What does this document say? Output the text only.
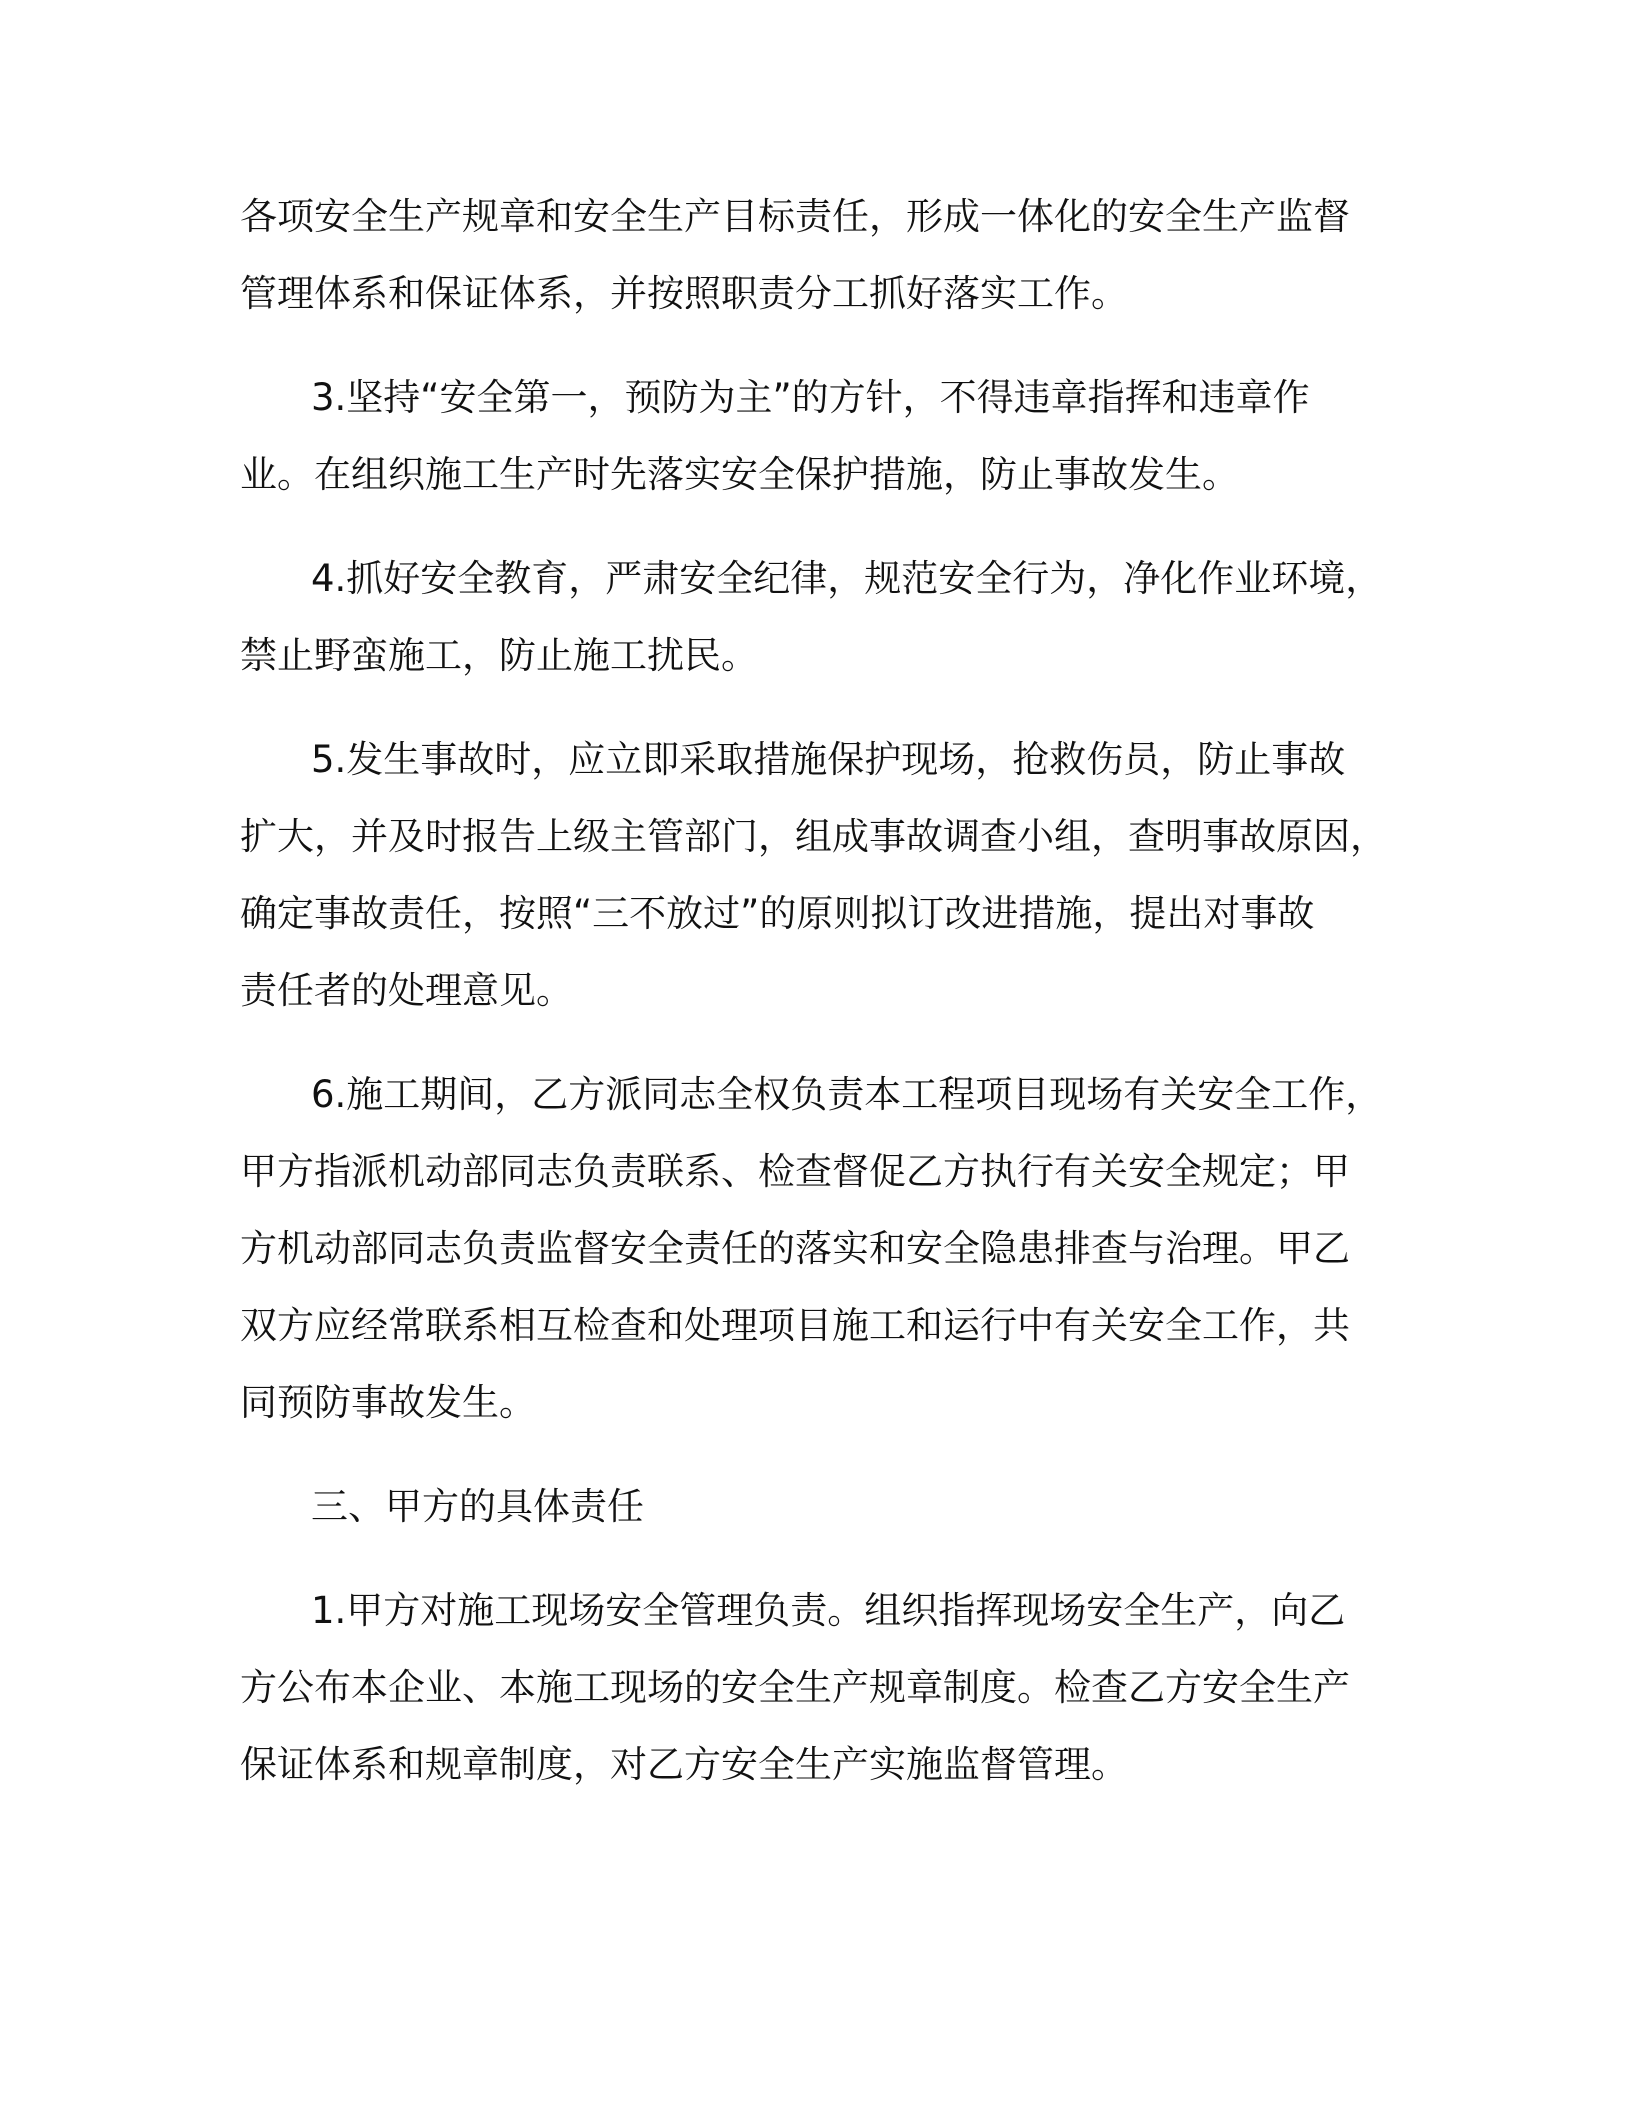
各项安全生产规章和安全生产目标责任，形成一体化的安全生产监督
管理体系和保证体系，并按照职责分工抓好落实工作。
3.坚持“安全第一，预防为主”的方针，不得违章指挥和违章作
业。在组织施工生产时先落实安全保护措施，防止事故发生。
4.抓好安全教育，严肃安全纪律，规范安全行为，净化作业环境，
禁止野蛮施工，防止施工扰民。
5.发生事故时，应立即采取措施保护现场，抢救伤员，防止事故
扩大，并及时报告上级主管部门，组成事故调查小组，查明事故原因，
确定事故责任，按照“三不放过”的原则拟订改进措施，提出对事故
责任者的处理意见。
6.施工期间，乙方派同志全权负责本工程项目现场有关安全工作，
甲方指派机动部同志负责联系、检查督促乙方执行有关安全规定；甲
方机动部同志负责监督安全责任的落实和安全隐患排查与治理。甲乙
双方应经常联系相互检查和处理项目施工和运行中有关安全工作，共
同预防事故发生。
三、甲方的具体责任
1.甲方对施工现场安全管理负责。组织指挥现场安全生产，向乙
方公布本企业、本施工现场的安全生产规章制度。检查乙方安全生产
保证体系和规章制度，对乙方安全生产实施监督管理。
